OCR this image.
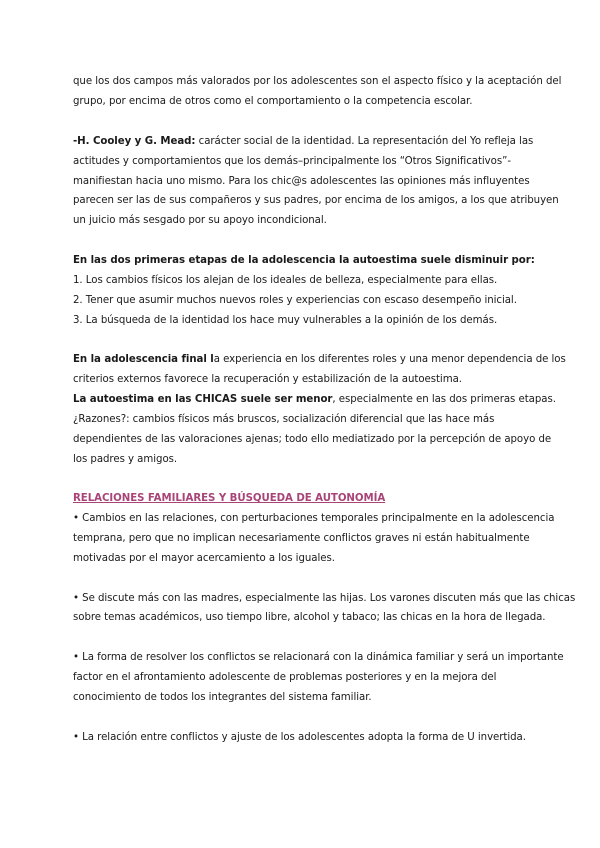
que los dos campos más valorados por los adolescentes son el aspecto físico y la aceptación del

grupo, por encima de otros como el comportamiento o la competencia escolar.

-H. Cooley y G. Mead: carácter social de la identidad. La representación del Yo refleja las

actitudes y comportamientos que los demás–principalmente los “Otros Significativos”-

manifiestan hacia uno mismo. Para los chic@s adolescentes las opiniones más influyentes

parecen ser las de sus compañeros y sus padres, por encima de los amigos, a los que atribuyen

un juicio más sesgado por su apoyo incondicional.

En las dos primeras etapas de la adolescencia la autoestima suele disminuir por:

1. Los cambios físicos los alejan de los ideales de belleza, especialmente para ellas.

2. Tener que asumir muchos nuevos roles y experiencias con escaso desempeño inicial.

3. La búsqueda de la identidad los hace muy vulnerables a la opinión de los demás.

En la adolescencia final la experiencia en los diferentes roles y una menor dependencia de los

criterios externos favorece la recuperación y estabilización de la autoestima.

La autoestima en las CHICAS suele ser menor, especialmente en las dos primeras etapas.

¿Razones?: cambios físicos más bruscos, socialización diferencial que las hace más

dependientes de las valoraciones ajenas; todo ello mediatizado por la percepción de apoyo de

los padres y amigos.

RELACIONES FAMILIARES Y BÚSQUEDA DE AUTONOMÍA

• Cambios en las relaciones, con perturbaciones temporales principalmente en la adolescencia

temprana, pero que no implican necesariamente conflictos graves ni están habitualmente

motivadas por el mayor acercamiento a los iguales.

• Se discute más con las madres, especialmente las hijas. Los varones discuten más que las chicas

sobre temas académicos, uso tiempo libre, alcohol y tabaco; las chicas en la hora de llegada.

• La forma de resolver los conflictos se relacionará con la dinámica familiar y será un importante

factor en el afrontamiento adolescente de problemas posteriores y en la mejora del

conocimiento de todos los integrantes del sistema familiar.

• La relación entre conflictos y ajuste de los adolescentes adopta la forma de U invertida.
